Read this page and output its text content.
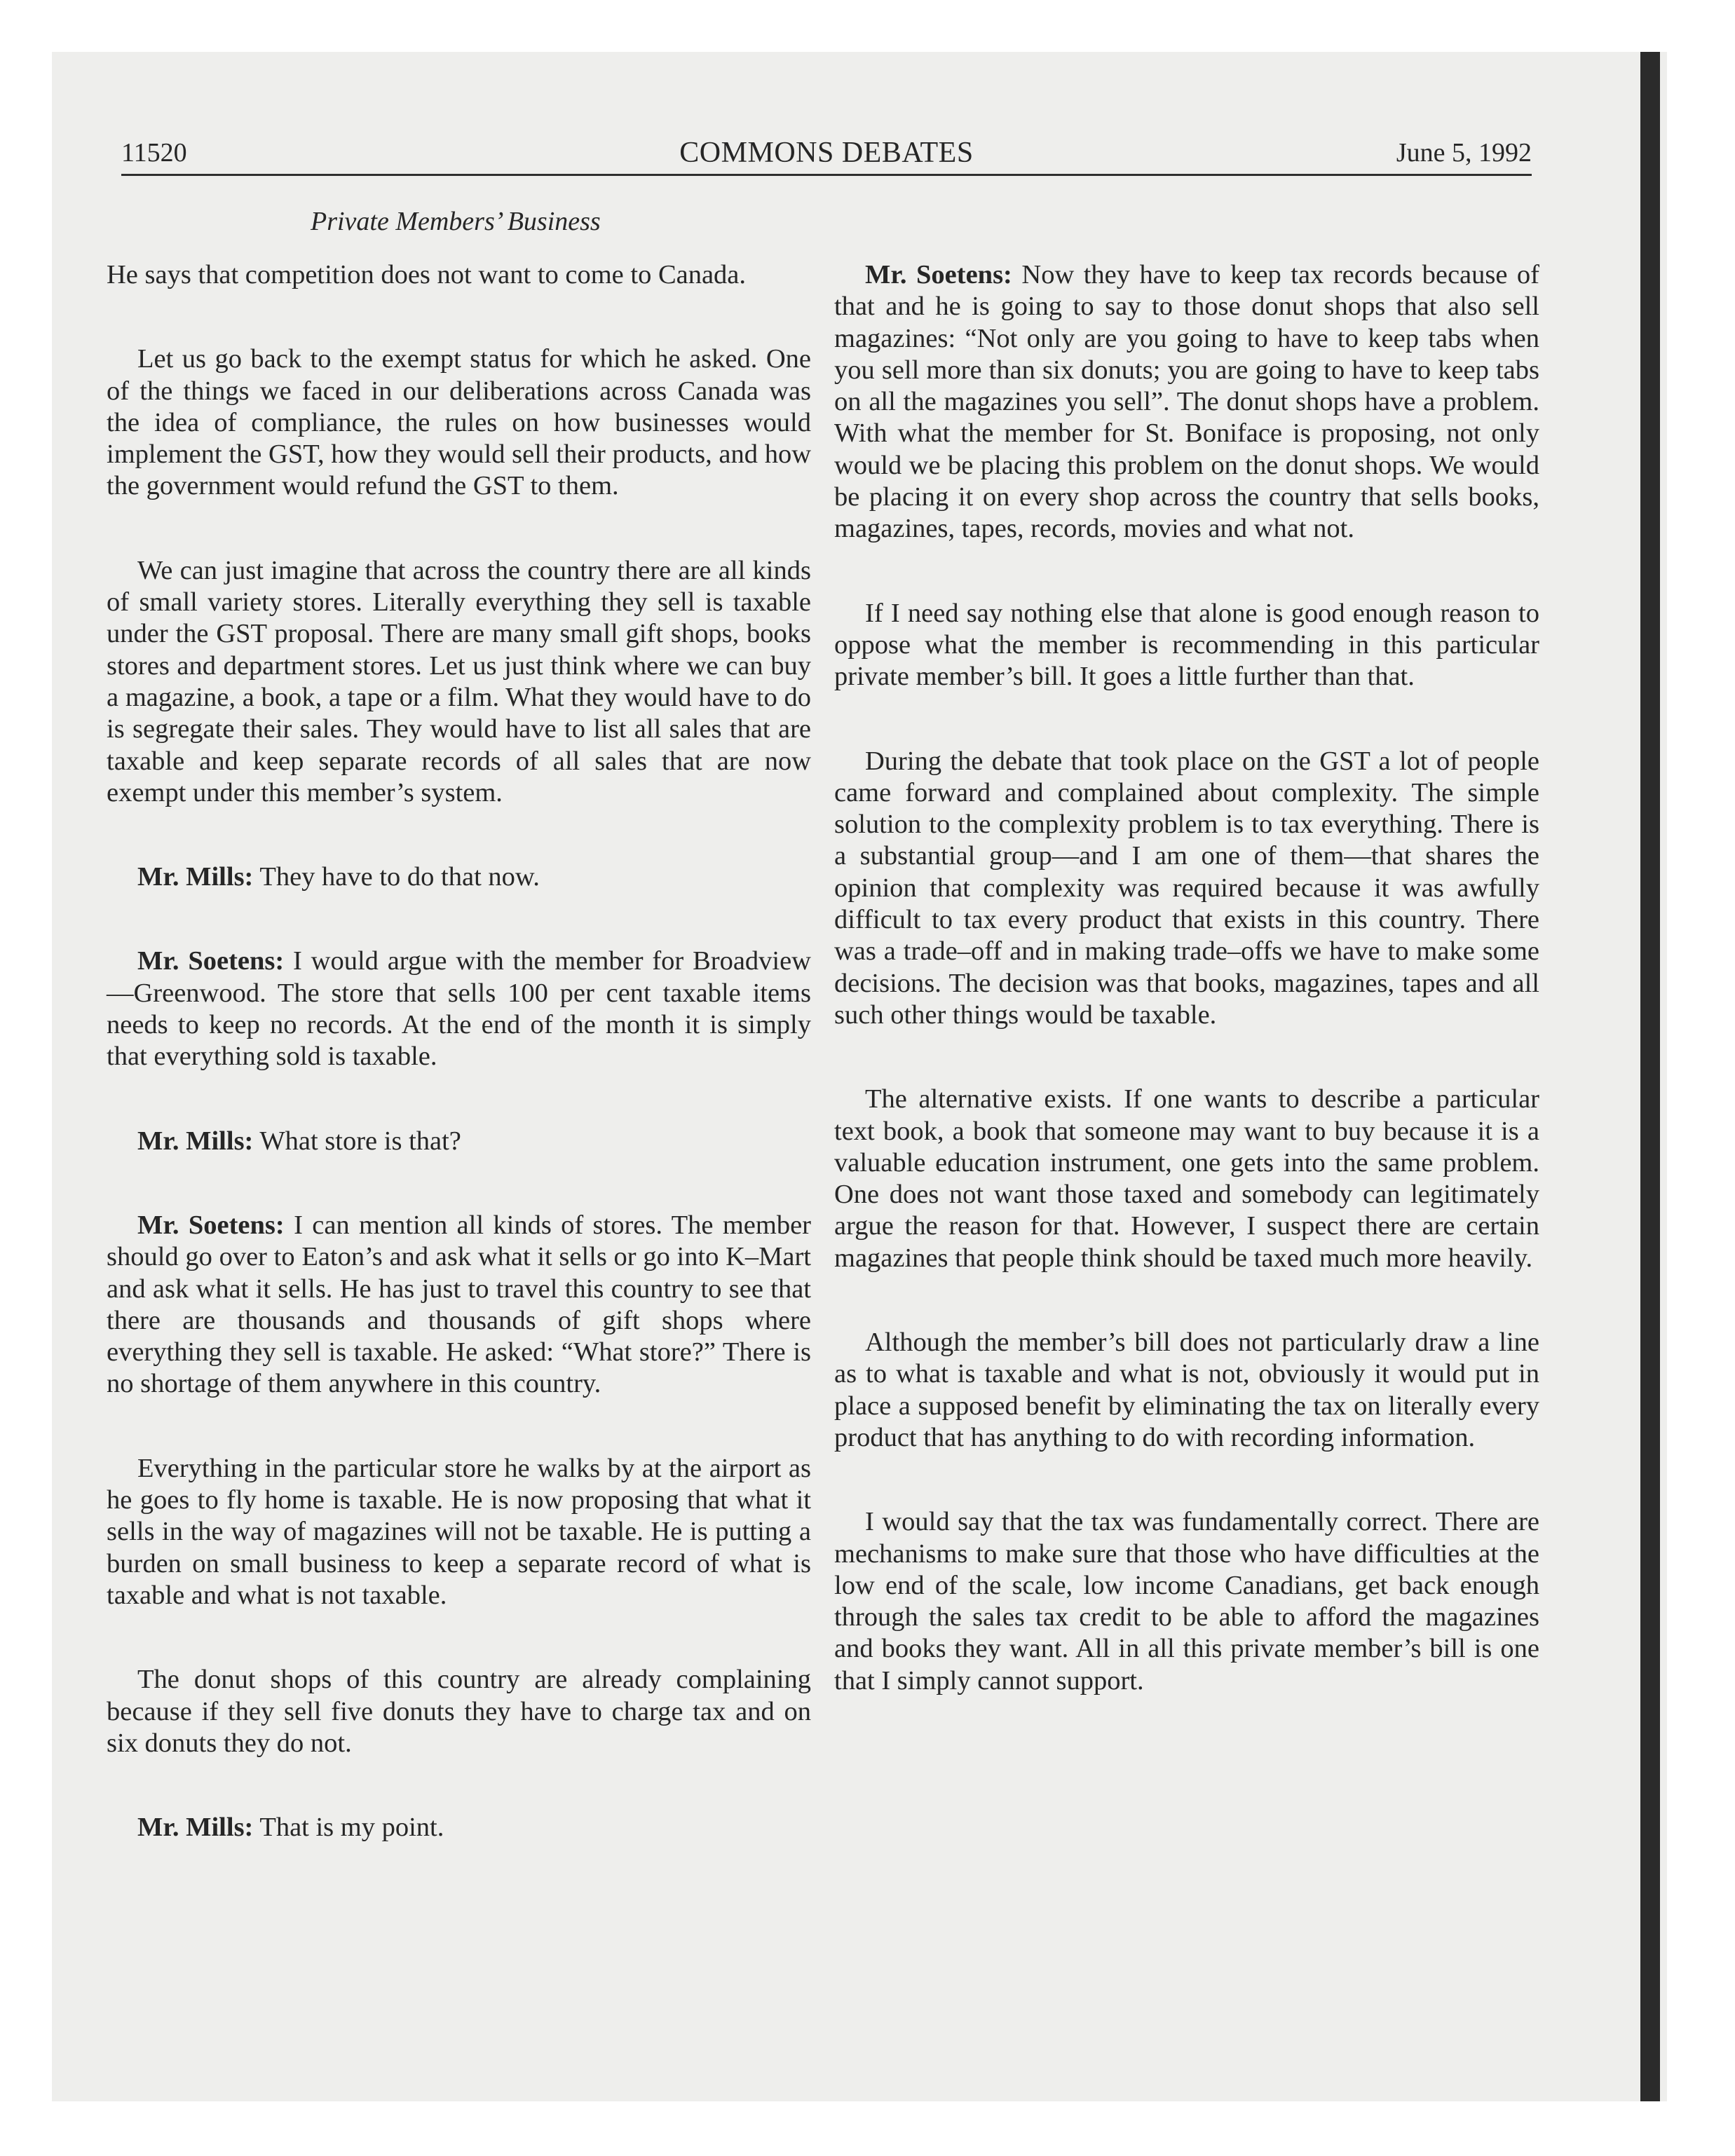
11520	COMMONS DEBATES	June 5, 1992
Private Members’ Business

He says that competition does not want to come to Canada.

Let us go back to the exempt status for which he asked. One of the things we faced in our deliberations across Canada was the idea of compliance, the rules on how businesses would implement the GST, how they would sell their products, and how the government would refund the GST to them.

We can just imagine that across the country there are all kinds of small variety stores. Literally everything they sell is taxable under the GST proposal. There are many small gift shops, books stores and department stores. Let us just think where we can buy a magazine, a book, a tape or a film. What they would have to do is segregate their sales. They would have to list all sales that are taxable and keep separate records of all sales that are now exempt under this member’s system.

Mr. Mills: They have to do that now.

Mr. Soetens: I would argue with the member for Broadview—Greenwood. The store that sells 100 per cent taxable items needs to keep no records. At the end of the month it is simply that everything sold is taxable.

Mr. Mills: What store is that?

Mr. Soetens: I can mention all kinds of stores. The member should go over to Eaton’s and ask what it sells or go into K–Mart and ask what it sells. He has just to travel this country to see that there are thousands and thousands of gift shops where everything they sell is taxable. He asked: “What store?” There is no shortage of them anywhere in this country.

Everything in the particular store he walks by at the airport as he goes to fly home is taxable. He is now proposing that what it sells in the way of magazines will not be taxable. He is putting a burden on small business to keep a separate record of what is taxable and what is not taxable.

The donut shops of this country are already complaining because if they sell five donuts they have to charge tax and on six donuts they do not.

Mr. Mills: That is my point.

Mr. Soetens: Now they have to keep tax records because of that and he is going to say to those donut shops that also sell magazines: “Not only are you going to have to keep tabs when you sell more than six donuts; you are going to have to keep tabs on all the magazines you sell”. The donut shops have a problem. With what the member for St. Boniface is proposing, not only would we be placing this problem on the donut shops. We would be placing it on every shop across the country that sells books, magazines, tapes, records, movies and what not.

If I need say nothing else that alone is good enough reason to oppose what the member is recommending in this particular private member’s bill. It goes a little further than that.

During the debate that took place on the GST a lot of people came forward and complained about complexity. The simple solution to the complexity problem is to tax everything. There is a substantial group—and I am one of them—that shares the opinion that complexity was required because it was awfully difficult to tax every product that exists in this country. There was a trade–off and in making trade–offs we have to make some decisions. The decision was that books, magazines, tapes and all such other things would be taxable.

The alternative exists. If one wants to describe a particular text book, a book that someone may want to buy because it is a valuable education instrument, one gets into the same problem. One does not want those taxed and somebody can legitimately argue the reason for that. However, I suspect there are certain magazines that people think should be taxed much more heavily.

Although the member’s bill does not particularly draw a line as to what is taxable and what is not, obviously it would put in place a supposed benefit by eliminating the tax on literally every product that has anything to do with recording information.

I would say that the tax was fundamentally correct. There are mechanisms to make sure that those who have difficulties at the low end of the scale, low income Canadians, get back enough through the sales tax credit to be able to afford the magazines and books they want. All in all this private member’s bill is one that I simply cannot support.
